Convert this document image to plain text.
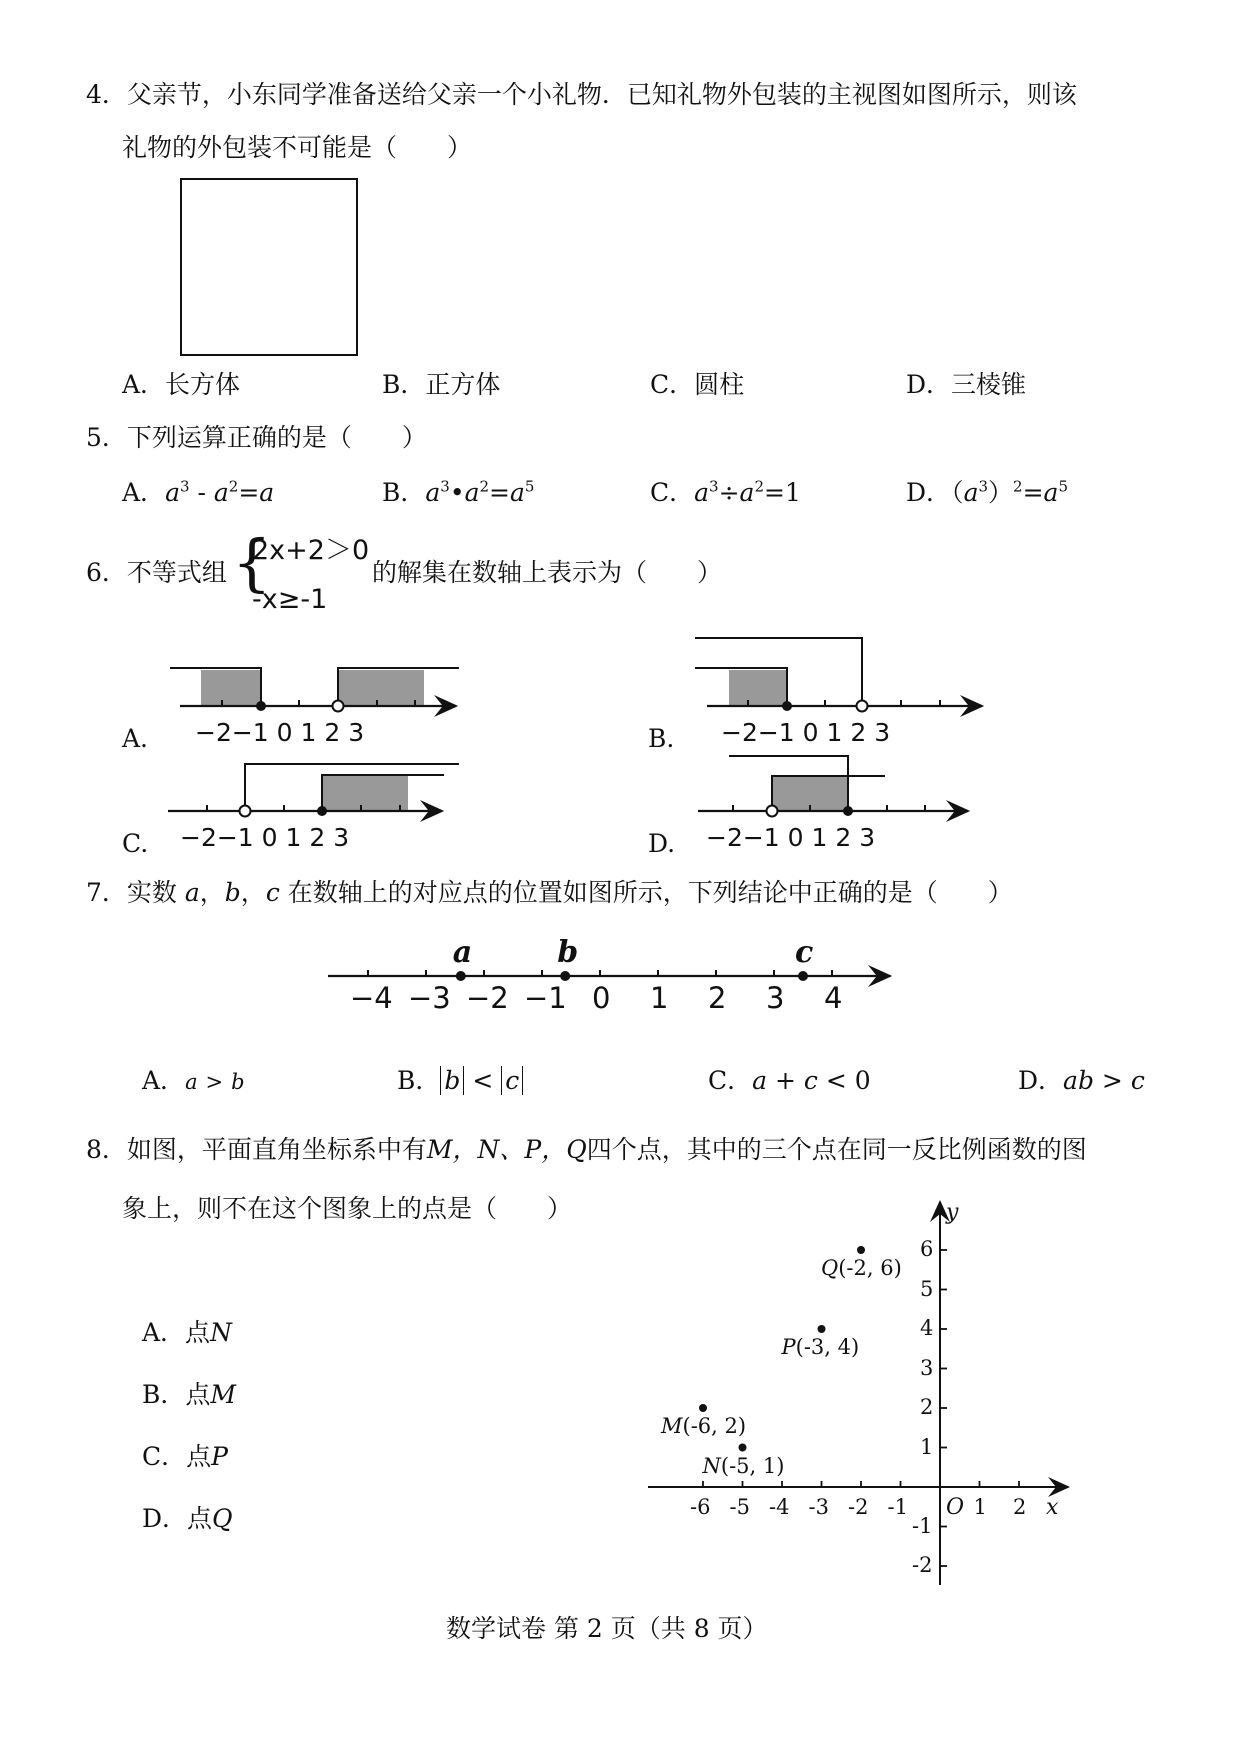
4．父亲节，小东同学准备送给父亲一个小礼物．已知礼物外包装的主视图如图所示，则该
礼物的外包装不可能是（　　）
A．长方体	B．正方体	C．圆柱	D．三棱锥
5．下列运算正确的是（　　）
A．$a^3 - a^2=a$	B．$a^3•a^2=a^5$	C．$a^3\div a^2=1$	D．$(a^3)^2=a^5$
6．不等式组 {
2x+2＞0
-x≥-1
的解集在数轴上表示为（　　）
A. −2−1 0 1 2 3	B. −2−1 0 1 2 3
C. −2−1 0 1 2 3	D. −2−1 0 1 2 3
7．实数 a，b，c 在数轴上的对应点的位置如图所示，下列结论中正确的是（　　）
−4 −3 −2 −1 0 1 2 3 4
a	b	c
A．a > b	B． b < c	C．a + c < 0	D．ab > c
8．如图，平面直角坐标系中有M，N、P，Q四个点，其中的三个点在同一反比例函数的图
象上，则不在这个图象上的点是（　　）
A．点N
B．点M
C．点P
D．点Q	-6 -5 -4 -3 -2 -1	1 2
6
5
4
3
2
1
-1
-2
O	x
y
Q(-2, 6)
P(-3, 4)
M(-6, 2)
N(-5, 1)
数学试卷 第 2 页（共 8 页）
